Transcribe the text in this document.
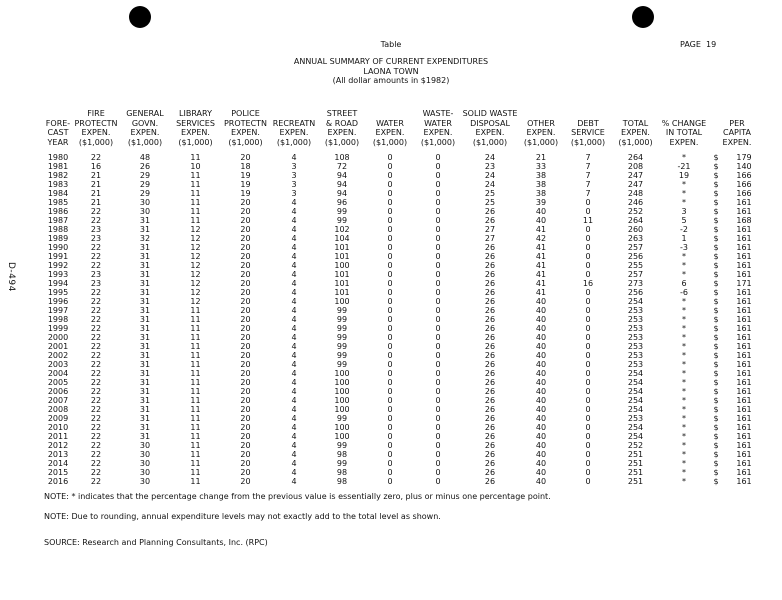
D-494
Table	PAGE  19
ANNUAL SUMMARY OF CURRENT EXPENDITURES
LAONA TOWN
(All dollar amounts in $1982)

FORE-
CAST
YEAR	FIRE
PROTECTN
EXPEN.
($1,000)	GENERAL
GOVN.
EXPEN.
($1,000)	LIBRARY
SERVICES
EXPEN.
($1,000)	POLICE
PROTECTN
EXPEN.
($1,000)	RECREATN
EXPEN.
($1,000)	STREET
& ROAD
EXPEN.
($1,000)	WATER
EXPEN.
($1,000)	WASTE-
WATER
EXPEN.
($1,000)	SOLID WASTE
DISPOSAL
EXPEN.
($1,000)	OTHER
EXPEN.
($1,000)	DEBT
SERVICE
($1,000)	TOTAL
EXPEN.
($1,000)	% CHANGE
IN TOTAL
EXPEN.	PER
CAPITA
EXPEN.	
1980	22	48	11	20	4	108	0	0	24	21	7	264	*	$	179
1981	16	26	10	18	3	72	0	0	23	33	7	208	-21	$	140
1982	21	29	11	19	3	94	0	0	24	38	7	247	19	$	166
1983	21	29	11	19	3	94	0	0	24	38	7	247	*	$	166
1984	21	29	11	19	3	94	0	0	25	38	7	248	*	$	166
1985	21	30	11	20	4	96	0	0	25	39	0	246	*	$	161
1986	22	30	11	20	4	99	0	0	26	40	0	252	3	$	161
1987	22	31	11	20	4	99	0	0	26	40	11	264	5	$	168
1988	23	31	12	20	4	102	0	0	27	41	0	260	-2	$	161
1989	23	32	12	20	4	104	0	0	27	42	0	263	1	$	161
1990	22	31	12	20	4	101	0	0	26	41	0	257	-3	$	161
1991	22	31	12	20	4	101	0	0	26	41	0	256	*	$	161
1992	22	31	12	20	4	100	0	0	26	41	0	255	*	$	161
1993	23	31	12	20	4	101	0	0	26	41	0	257	*	$	161
1994	23	31	12	20	4	101	0	0	26	41	16	273	6	$	171
1995	22	31	12	20	4	101	0	0	26	41	0	256	-6	$	161
1996	22	31	12	20	4	100	0	0	26	40	0	254	*	$	161
1997	22	31	11	20	4	99	0	0	26	40	0	253	*	$	161
1998	22	31	11	20	4	99	0	0	26	40	0	253	*	$	161
1999	22	31	11	20	4	99	0	0	26	40	0	253	*	$	161
2000	22	31	11	20	4	99	0	0	26	40	0	253	*	$	161
2001	22	31	11	20	4	99	0	0	26	40	0	253	*	$	161
2002	22	31	11	20	4	99	0	0	26	40	0	253	*	$	161
2003	22	31	11	20	4	99	0	0	26	40	0	253	*	$	161
2004	22	31	11	20	4	100	0	0	26	40	0	254	*	$	161
2005	22	31	11	20	4	100	0	0	26	40	0	254	*	$	161
2006	22	31	11	20	4	100	0	0	26	40	0	254	*	$	161
2007	22	31	11	20	4	100	0	0	26	40	0	254	*	$	161
2008	22	31	11	20	4	100	0	0	26	40	0	254	*	$	161
2009	22	31	11	20	4	99	0	0	26	40	0	253	*	$	161
2010	22	31	11	20	4	100	0	0	26	40	0	254	*	$	161
2011	22	31	11	20	4	100	0	0	26	40	0	254	*	$	161
2012	22	30	11	20	4	99	0	0	26	40	0	252	*	$	161
2013	22	30	11	20	4	98	0	0	26	40	0	251	*	$	161
2014	22	30	11	20	4	99	0	0	26	40	0	251	*	$	161
2015	22	30	11	20	4	98	0	0	26	40	0	251	*	$	161
2016	22	30	11	20	4	98	0	0	26	40	0	251	*	$	161
NOTE: * indicates that the percentage change from the previous value is essentially zero, plus or minus one percentage point.
NOTE: Due to rounding, annual expenditure levels may not exactly add to the total level as shown.
SOURCE: Research and Planning Consultants, Inc. (RPC)
